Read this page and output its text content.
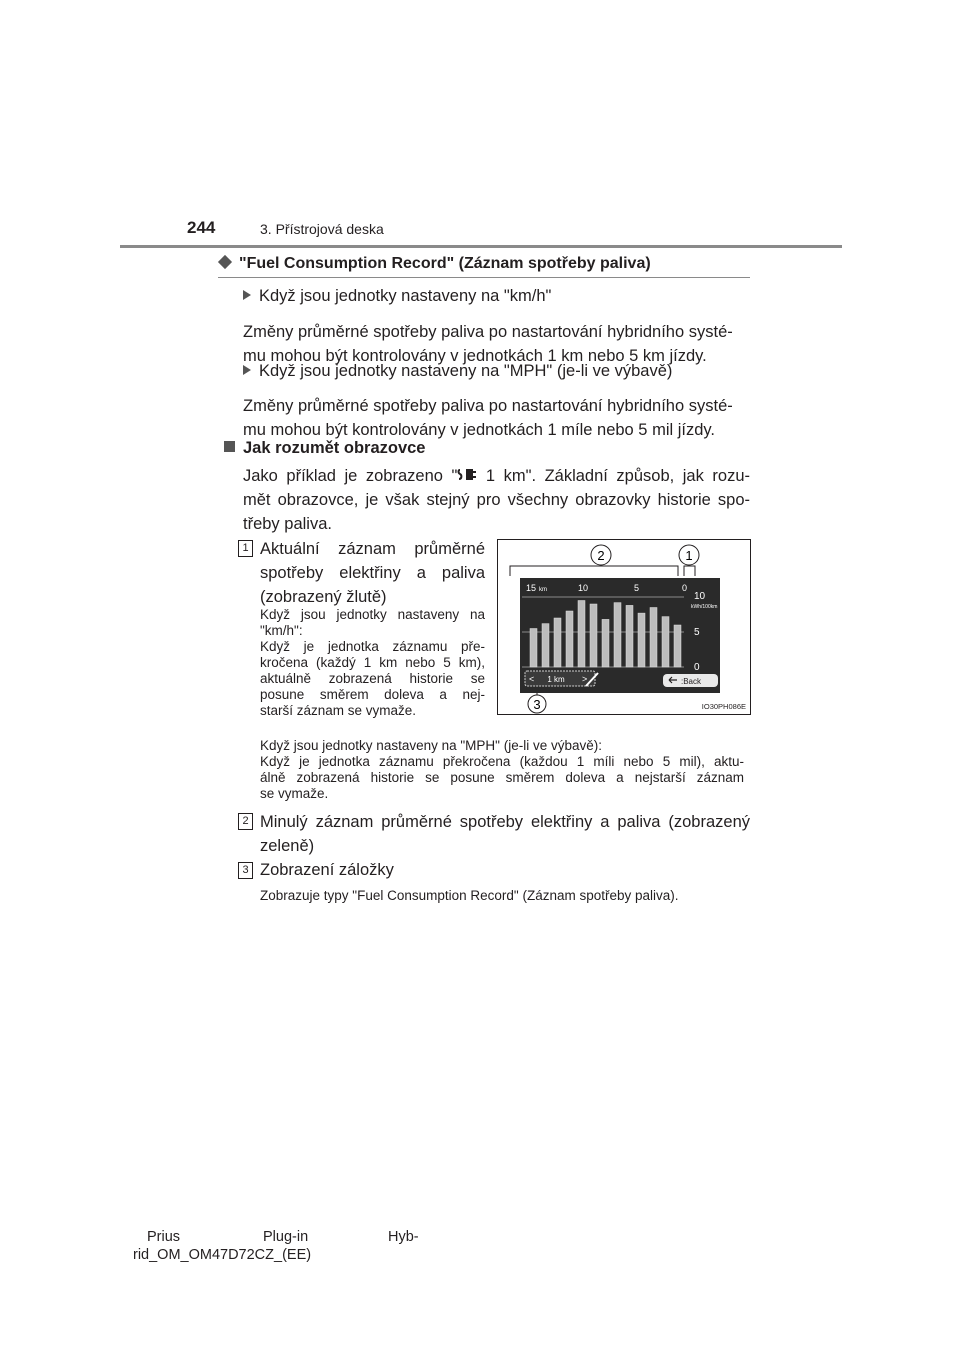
244	3. Přístrojová deska
"Fuel Consumption Record" (Záznam spotřeby paliva)
Když jsou jednotky nastaveny na "km/h"
Změny průměrné spotřeby paliva po nastartování hybridního systé-
mu mohou být kontrolovány v jednotkách 1 km nebo 5 km jízdy.
Když jsou jednotky nastaveny na "MPH" (je-li ve výbavě)
Změny průměrné spotřeby paliva po nastartování hybridního systé-
mu mohou být kontrolovány v jednotkách 1 míle nebo 5 mil jízdy.
Jak rozumět obrazovce
Jako příklad je zobrazeno " 1 km". Základní způsob, jak rozu-
mět obrazovce, je však stejný pro všechny obrazovky historie spo-
třeby paliva.
1 Aktuální záznam průměrné
spotřeby elektřiny a paliva
(zobrazený žlutě)
Když jsou jednotky nastaveny na
"km/h":
Když je jednotka záznamu pře-
kročena (každý 1 km nebo 5 km),
aktuálně zobrazená historie se
posune směrem doleva a nej-
starší záznam se vymaže.
Když jsou jednotky nastaveny na "MPH" (je-li ve výbavě):
Když je jednotka záznamu překročena (každou 1 míli nebo 5 mil), aktu-
álně zobrazená historie se posune směrem doleva a nejstarší záznam
se vymaže.
2	1
3
15 km	10	5	0
10
kWh/100km
5
0
< 1 km >	:Back
IO30PH086E
2 Minulý záznam průměrné spotřeby elektřiny a paliva (zobrazený
zeleně)
3 Zobrazení záložky
Zobrazuje typy "Fuel Consumption Record" (Záznam spotřeby paliva).
Prius	Plug-in	Hyb-
rid_OM_OM47D72CZ_(EE)
